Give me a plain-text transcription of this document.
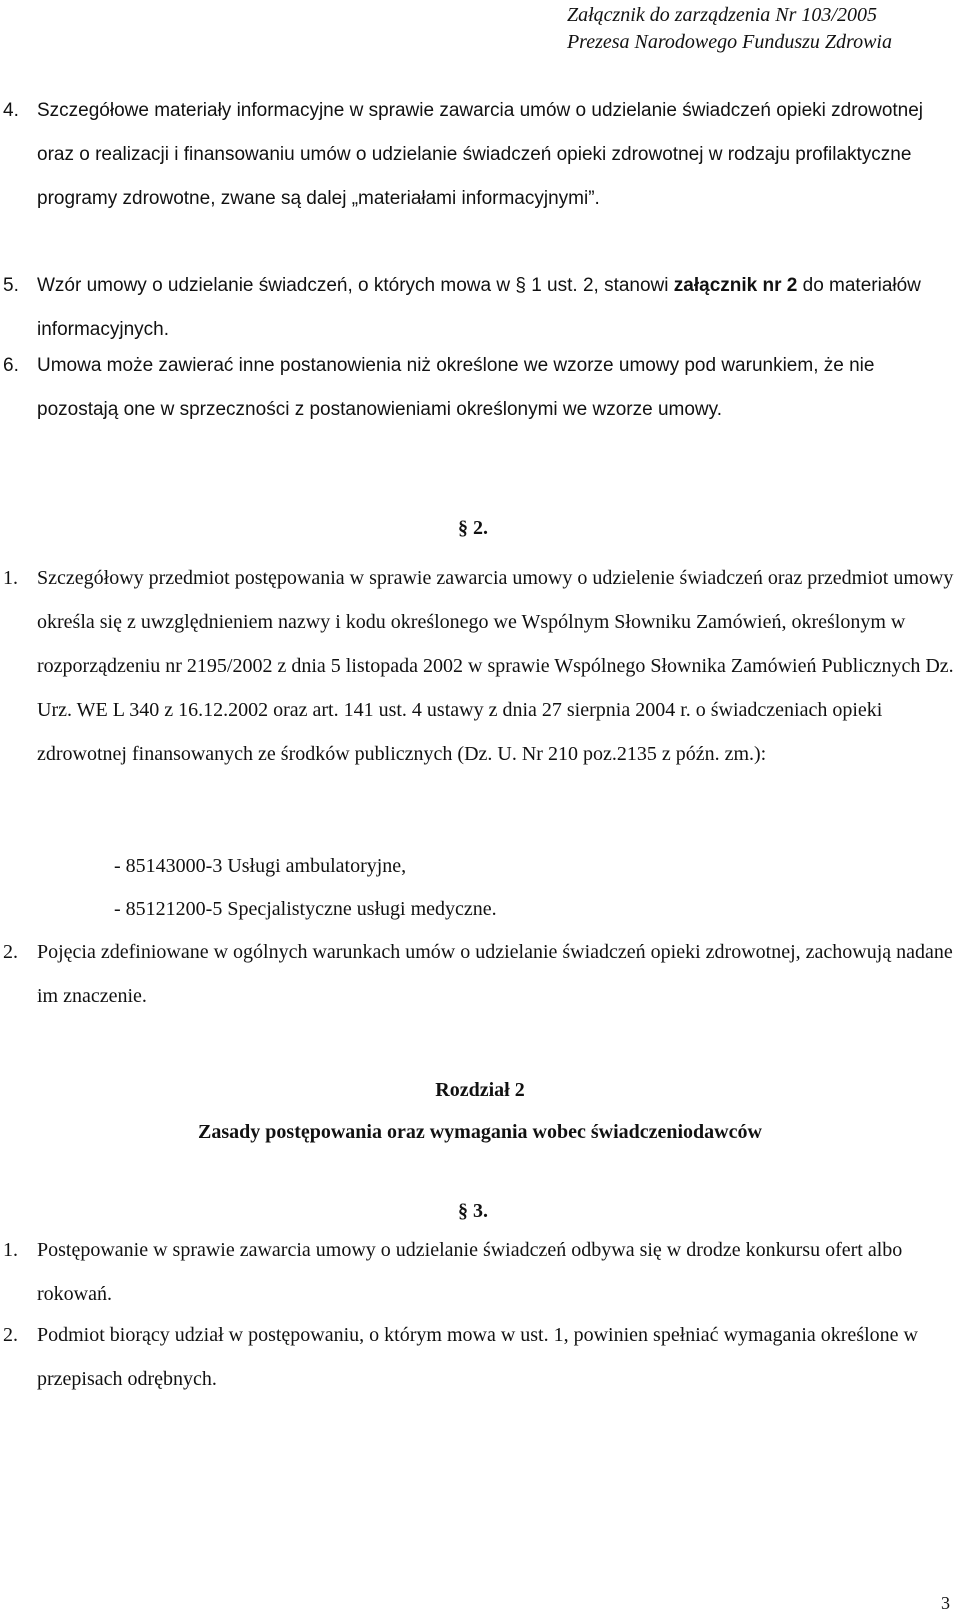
Załącznik do zarządzenia Nr 103/2005
Prezesa Narodowego Funduszu Zdrowia
4. Szczegółowe materiały informacyjne w sprawie zawarcia umów o udzielanie świadczeń opieki zdrowotnej oraz o realizacji i finansowaniu umów o udzielanie świadczeń opieki zdrowotnej w rodzaju profilaktyczne programy zdrowotne, zwane są dalej „materiałami informacyjnymi”.
5. Wzór umowy o udzielanie świadczeń, o których mowa w § 1 ust. 2, stanowi załącznik nr 2 do materiałów informacyjnych.
6. Umowa może zawierać inne postanowienia niż określone we wzorze umowy pod warunkiem, że nie pozostają one w sprzeczności z postanowieniami określonymi we wzorze umowy.
§ 2.
1. Szczegółowy przedmiot postępowania w sprawie zawarcia umowy o udzielenie świadczeń oraz przedmiot umowy określa się z uwzględnieniem nazwy i kodu określonego we Wspólnym Słowniku Zamówień, określonym w rozporządzeniu nr 2195/2002 z dnia 5 listopada 2002 w sprawie Wspólnego Słownika Zamówień Publicznych Dz. Urz. WE L 340 z 16.12.2002 oraz art. 141 ust. 4 ustawy z dnia 27 sierpnia 2004 r. o świadczeniach opieki zdrowotnej finansowanych ze środków publicznych (Dz. U. Nr 210 poz.2135 z późn. zm.):
- 85143000-3 Usługi ambulatoryjne,
- 85121200-5 Specjalistyczne usługi medyczne.
2. Pojęcia zdefiniowane w ogólnych warunkach umów o udzielanie świadczeń opieki zdrowotnej, zachowują nadane im znaczenie.
Rozdział 2
Zasady postępowania oraz wymagania wobec świadczeniodawców
§ 3.
1. Postępowanie w sprawie zawarcia umowy o udzielanie świadczeń odbywa się w drodze konkursu ofert albo rokowań.
2. Podmiot biorący udział w postępowaniu, o którym mowa w ust. 1, powinien spełniać wymagania określone w przepisach odrębnych.
3
